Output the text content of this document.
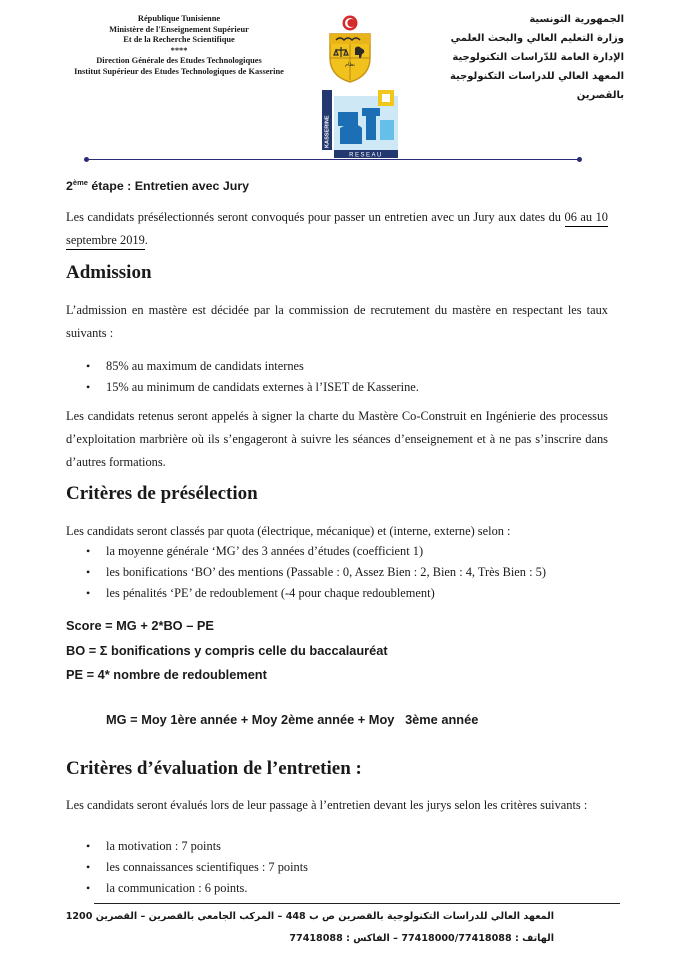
République Tunisienne
Ministère de l'Enseignement Supérieur
Et de la Recherche Scientifique
****
Direction Générale des Etudes Technologiques
Institut Supérieur des Etudes Technologiques de Kasserine
ﻧﻈﺎﻡ
KASSERINE
RESEAU
الجمهورية التونسية
وزارة التعليم العالي والبحث العلمي
الإدارة العامة للدّراسات التكنولوجية
المعهد العالي للدراسات التكنولوجية بالقصرين
2ème étape : Entretien avec Jury
Les candidats présélectionnés seront convoqués pour passer un entretien avec un Jury aux dates du 06 au 10 septembre 2019.
Admission
L’admission en mastère est décidée par la commission de recrutement du mastère en respectant les taux suivants :
• 85% au maximum de candidats internes
• 15% au minimum de candidats externes à l’ISET de Kasserine.
Les candidats retenus seront appelés à signer la charte du Mastère Co-Construit en Ingénierie des processus d’exploitation marbrière où ils s’engageront à suivre les séances d’enseignement et à ne pas s’inscrire dans d’autres formations.
Critères de présélection
Les candidats seront classés par quota (électrique, mécanique) et (interne, externe) selon :
• la moyenne générale ‘MG’ des 3 années d’études (coefficient 1)
• les bonifications ‘BO’ des mentions (Passable : 0, Assez Bien : 2, Bien : 4, Très Bien : 5)
• les pénalités ‘PE’ de redoublement (-4 pour chaque redoublement)
Score = MG + 2*BO – PE
BO = Σ bonifications y compris celle du baccalauréat
PE = 4* nombre de redoublement
MG = Moy 1ère année + Moy 2ème année + Moy   3ème année
Critères d’évaluation de l’entretien :
Les candidats seront évalués lors de leur passage à l’entretien devant les jurys selon les critères suivants :
• la motivation : 7 points
• les connaissances scientifiques : 7 points
• la communication : 6 points.
المعهد العالي للدراسات التكنولوجية بالقصرين ص ب 448 – المركب الجامعي بالقصرين – القصرين 1200
الهاتف : 77418000/77418088 – الفاكس : 77418088
